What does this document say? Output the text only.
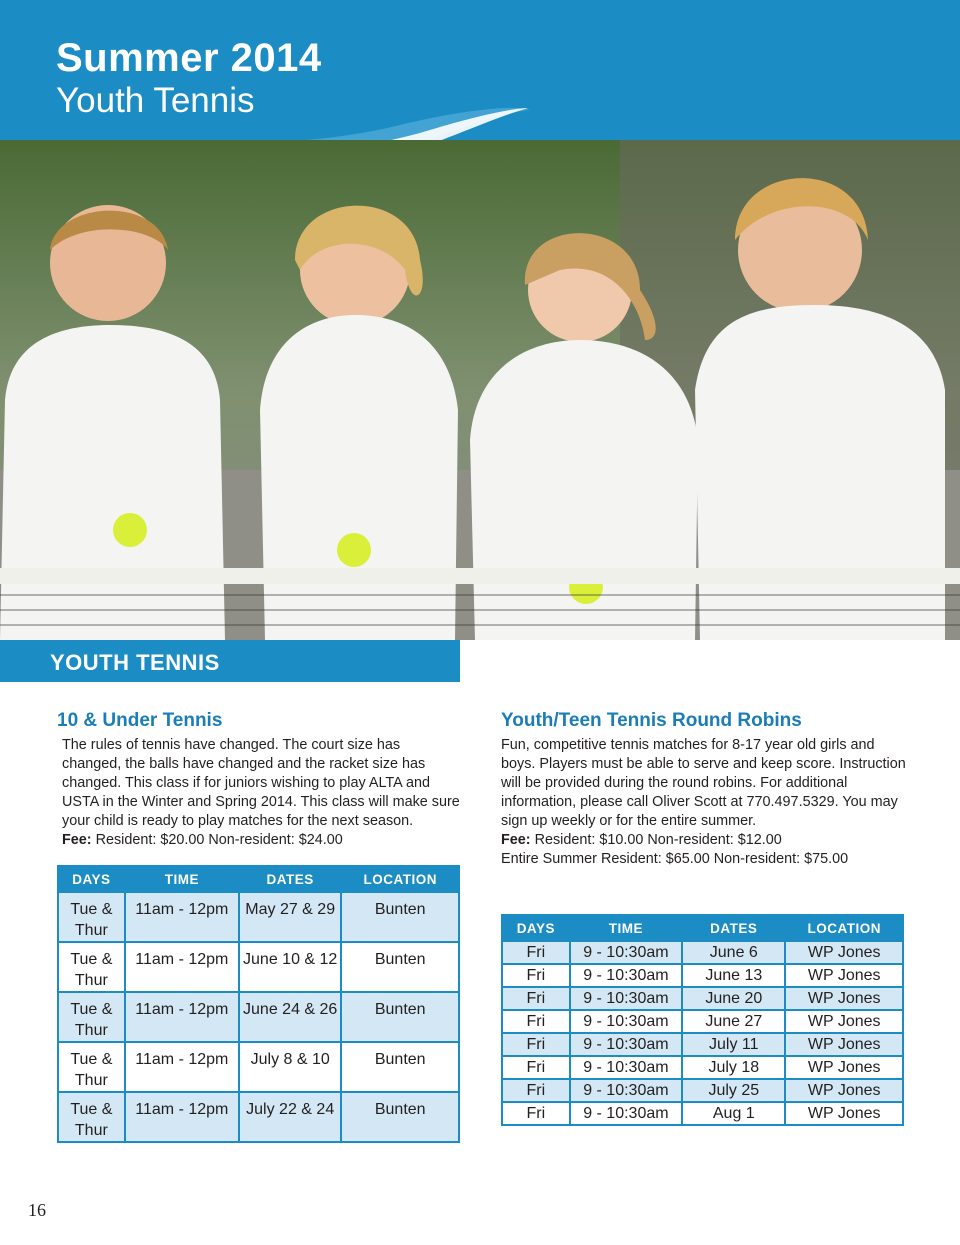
Summer 2014
Youth Tennis
YOUTH TENNIS
10 & Under Tennis
The rules of tennis have changed. The court size has changed, the balls have changed and the racket size has changed. This class if for juniors wishing to play ALTA and USTA in the Winter and Spring 2014. This class will make sure your child is ready to play matches for the next season.
Fee: Resident: $20.00 Non-resident: $24.00
DAYS	TIME	DATES	LOCATION
Tue & Thur	11am - 12pm	May 27 & 29	Bunten
Tue & Thur	11am - 12pm	June 10 & 12	Bunten
Tue & Thur	11am - 12pm	June 24 & 26	Bunten
Tue & Thur	11am - 12pm	July 8 & 10	Bunten
Tue & Thur	11am - 12pm	July 22 & 24	Bunten
Youth/Teen Tennis Round Robins
Fun, competitive tennis matches for 8-17 year old girls and boys. Players must be able to serve and keep score. Instruction will be provided during the round robins. For additional information, please call Oliver Scott at 770.497.5329. You may sign up weekly or for the entire summer.
Fee: Resident: $10.00 Non-resident: $12.00
Entire Summer Resident: $65.00 Non-resident: $75.00
DAYS	TIME	DATES	LOCATION
Fri	9 - 10:30am	June 6	WP Jones
Fri	9 - 10:30am	June 13	WP Jones
Fri	9 - 10:30am	June 20	WP Jones
Fri	9 - 10:30am	June 27	WP Jones
Fri	9 - 10:30am	July 11	WP Jones
Fri	9 - 10:30am	July 18	WP Jones
Fri	9 - 10:30am	July 25	WP Jones
Fri	9 - 10:30am	Aug 1	WP Jones
16
